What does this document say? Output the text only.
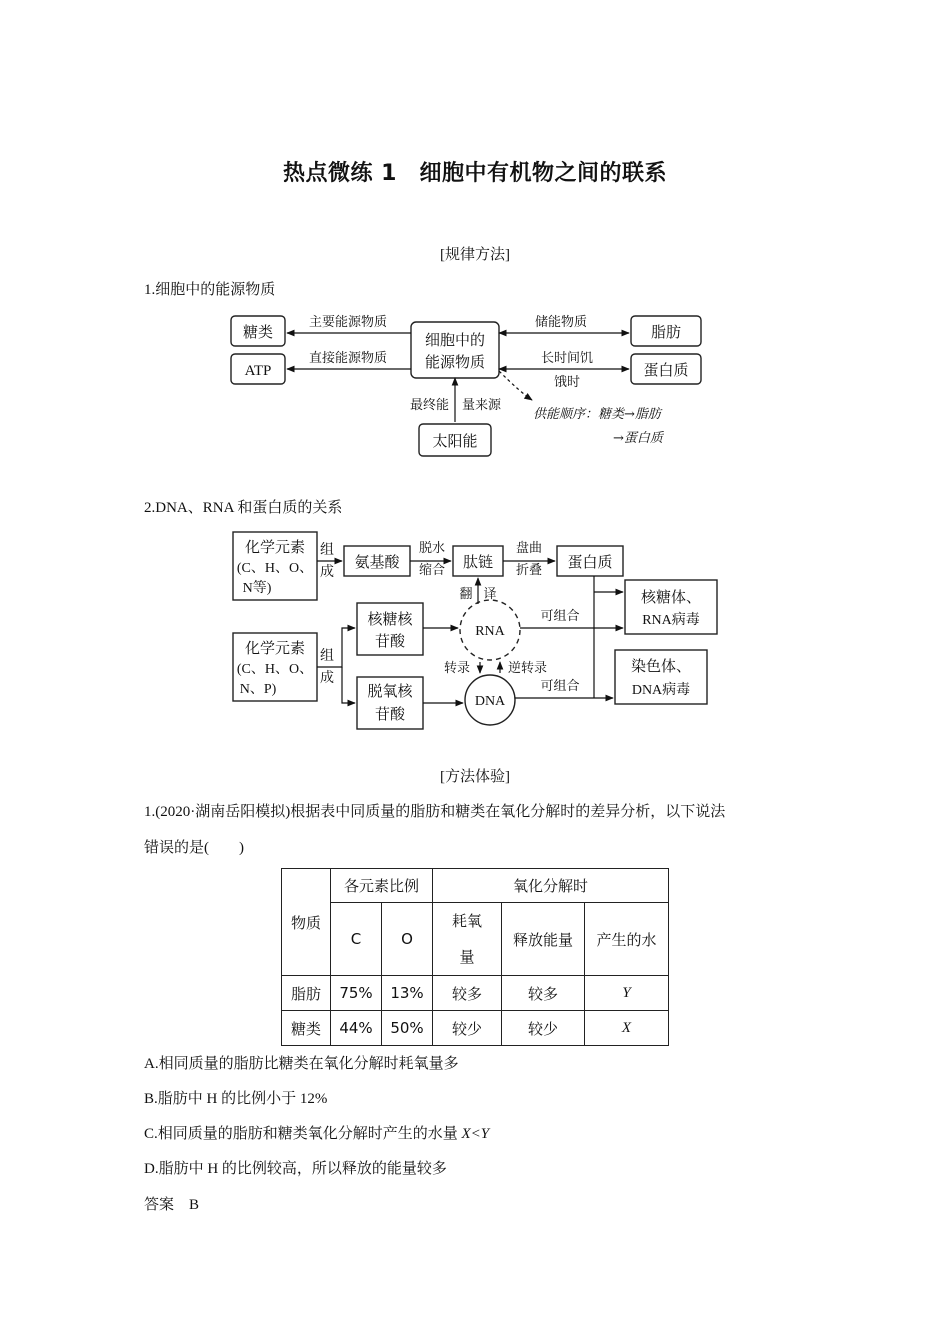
热点微练 1　细胞中有机物之间的联系
[规律方法]
1.细胞中的能源物质
糖类
ATP
细胞中的
能源物质
脂肪
蛋白质
太阳能
主要能源物质
直接能源物质
储能物质
长时间饥
饿时
最终能 量来源
供能顺序：糖类→脂肪
→蛋白质
2.DNA、RNA 和蛋白质的关系
化学元素
(C、H、O、
N等)
组
成
氨基酸
脱水
缩合 肽链
盘曲
折叠 蛋白质
翻 译
核糖核
苷酸
RNA
可组合
核糖体、
RNA病毒
化学元素
(C、H、O、
N、P)
组
成
转录	逆转录
脱氧核
苷酸
DNA
可组合
染色体、
DNA病毒
[方法体验]
1.(2020·湖南岳阳模拟)根据表中同质量的脂肪和糖类在氧化分解时的差异分析，以下说法
错误的是(　　)
物质	各元素比例		氧化分解时		
	C	O	耗氧
量	释放能量	产生的水
脂肪	75%	13%	较多	较多	Y
糖类	44%	50%	较少	较少	X
A.相同质量的脂肪比糖类在氧化分解时耗氧量多
B.脂肪中 H 的比例小于 12%
C.相同质量的脂肪和糖类氧化分解时产生的水量 X<Y
D.脂肪中 H 的比例较高，所以释放的能量较多
答案　 B
